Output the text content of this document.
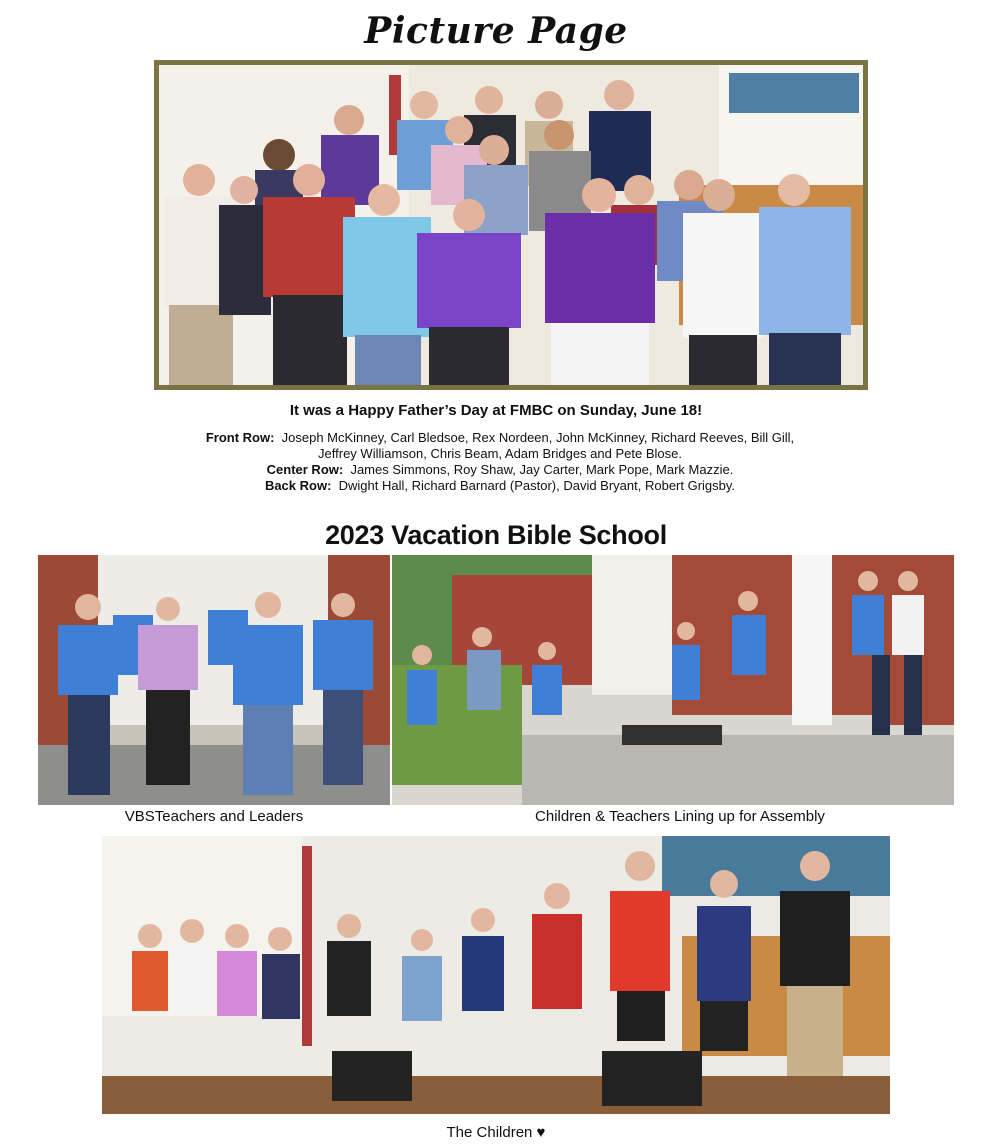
Picture Page
It was a Happy Father’s Day at FMBC on Sunday, June 18!
Front Row: Joseph McKinney, Carl Bledsoe, Rex Nordeen, John McKinney, Richard Reeves, Bill Gill,
Jeffrey Williamson, Chris Beam, Adam Bridges and Pete Blose.
Center Row: James Simmons, Roy Shaw, Jay Carter, Mark Pope, Mark Mazzie.
Back Row: Dwight Hall, Richard Barnard (Pastor), David Bryant, Robert Grigsby.
2023 Vacation Bible School
VBSTeachers and Leaders	Children & Teachers Lining up for Assembly
The Children ♥
